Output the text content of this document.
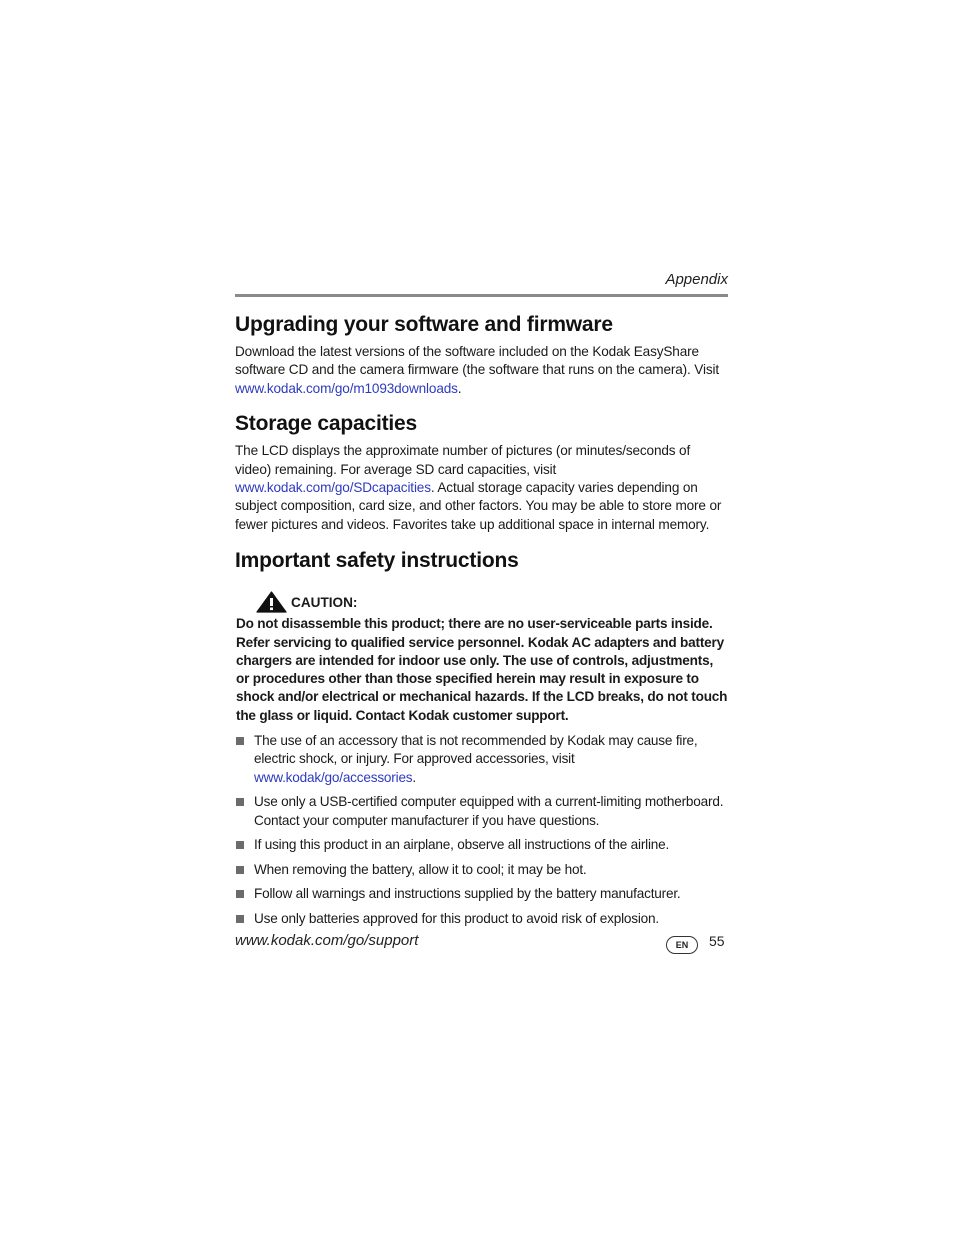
Appendix
Upgrading your software and firmware

Download the latest versions of the software included on the Kodak EasyShare software CD and the camera firmware (the software that runs on the camera). Visit www.kodak.com/go/m1093downloads.

Storage capacities

The LCD displays the approximate number of pictures (or minutes/seconds of video) remaining. For average SD card capacities, visit www.kodak.com/go/SDcapacities. Actual storage capacity varies depending on subject composition, card size, and other factors. You may be able to store more or fewer pictures and videos. Favorites take up additional space in internal memory.

Important safety instructions
CAUTION:
Do not disassemble this product; there are no user-serviceable parts inside. Refer servicing to qualified service personnel. Kodak AC adapters and battery chargers are intended for indoor use only. The use of controls, adjustments, or procedures other than those specified herein may result in exposure to shock and/or electrical or mechanical hazards. If the LCD breaks, do not touch the glass or liquid. Contact Kodak customer support.
The use of an accessory that is not recommended by Kodak may cause fire, electric shock, or injury. For approved accessories, visit www.kodak/go/accessories.
Use only a USB-certified computer equipped with a current-limiting motherboard. Contact your computer manufacturer if you have questions.
If using this product in an airplane, observe all instructions of the airline.
When removing the battery, allow it to cool; it may be hot.
Follow all warnings and instructions supplied by the battery manufacturer.
Use only batteries approved for this product to avoid risk of explosion.
www.kodak.com/go/support	EN	55
